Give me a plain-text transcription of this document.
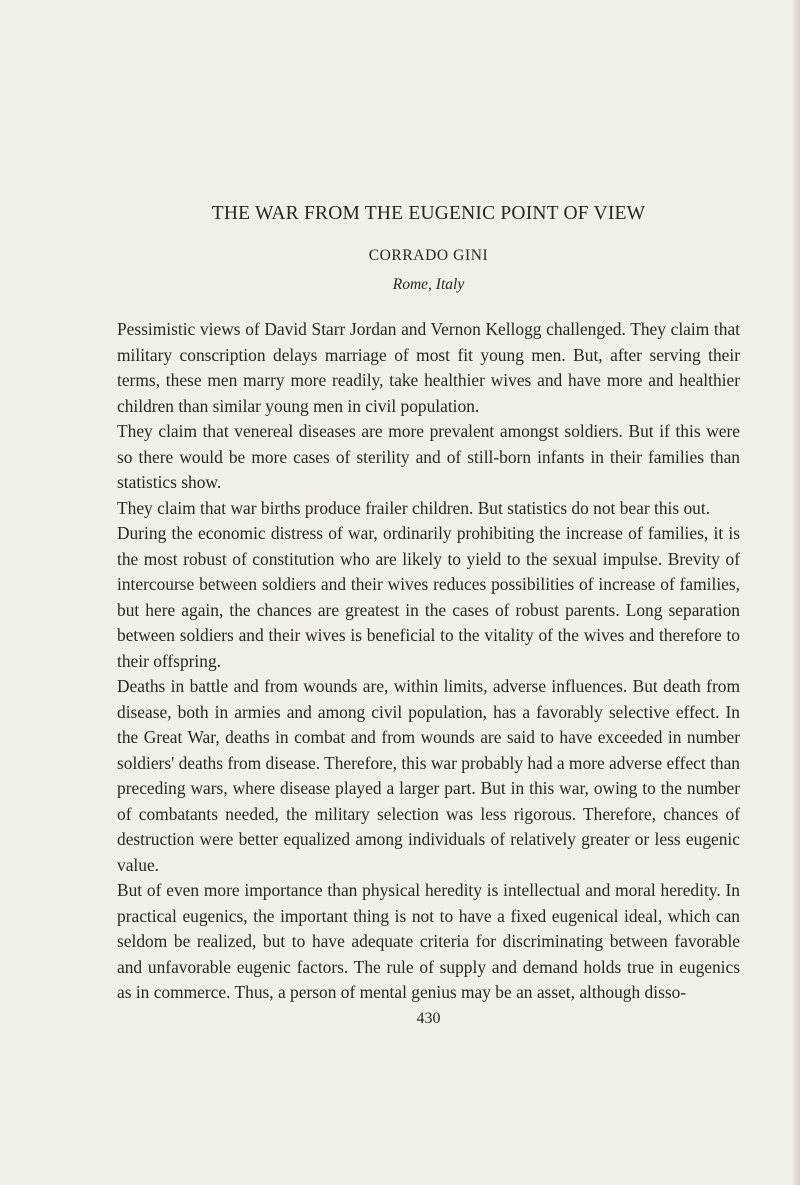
THE WAR FROM THE EUGENIC POINT OF VIEW
CORRADO GINI
Rome, Italy

Pessimistic views of David Starr Jordan and Vernon Kellogg challenged. They claim that military conscription delays marriage of most fit young men. But, after serving their terms, these men marry more readily, take healthier wives and have more and healthier children than similar young men in civil population.

They claim that venereal diseases are more prevalent amongst soldiers. But if this were so there would be more cases of sterility and of still-born infants in their families than statistics show.

They claim that war births produce frailer children. But statistics do not bear this out.

During the economic distress of war, ordinarily prohibiting the increase of families, it is the most robust of constitution who are likely to yield to the sexual impulse. Brevity of intercourse between soldiers and their wives reduces possibilities of increase of families, but here again, the chances are greatest in the cases of robust parents. Long separation between soldiers and their wives is beneficial to the vitality of the wives and therefore to their offspring.

Deaths in battle and from wounds are, within limits, adverse influences. But death from disease, both in armies and among civil population, has a favorably selective effect. In the Great War, deaths in combat and from wounds are said to have exceeded in number soldiers' deaths from disease. Therefore, this war probably had a more adverse effect than preceding wars, where disease played a larger part. But in this war, owing to the number of combatants needed, the military selection was less rigorous. Therefore, chances of destruction were better equalized among individuals of relatively greater or less eugenic value.

But of even more importance than physical heredity is intellectual and moral heredity. In practical eugenics, the important thing is not to have a fixed eugenical ideal, which can seldom be realized, but to have adequate criteria for discriminating between favorable and unfavorable eugenic factors. The rule of supply and demand holds true in eugenics as in commerce. Thus, a person of mental genius may be an asset, although disso-

430
